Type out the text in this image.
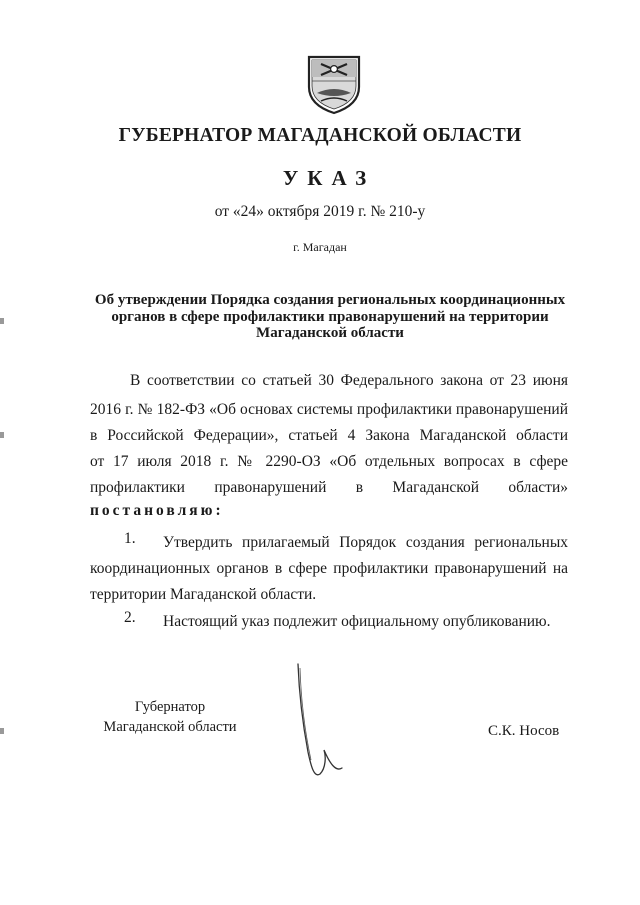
ГУБЕРНАТОР МАГАДАНСКОЙ ОБЛАСТИ
УКАЗ
от «24» октября 2019 г. № 210-у
г. Магадан
Об утверждении Порядка создания региональных координационных
органов в сфере профилактики правонарушений на территории
Магаданской области
В соответствии со статьей 30 Федерального закона от 23 июня
2016 г. № 182-ФЗ «Об основах системы профилактики правонарушений
в Российской Федерации», статьей 4 Закона Магаданской области
от 17 июля 2018 г. № 2290-ОЗ «Об отдельных вопросах в сфере
профилактики правонарушений в Магаданской области»
постановляю:
1. Утвердить прилагаемый Порядок создания региональных
координационных органов в сфере профилактики правонарушений на
территории Магаданской области.
2. Настоящий указ подлежит официальному опубликованию.
Губернатор
Магаданской области	С.К. Носов
